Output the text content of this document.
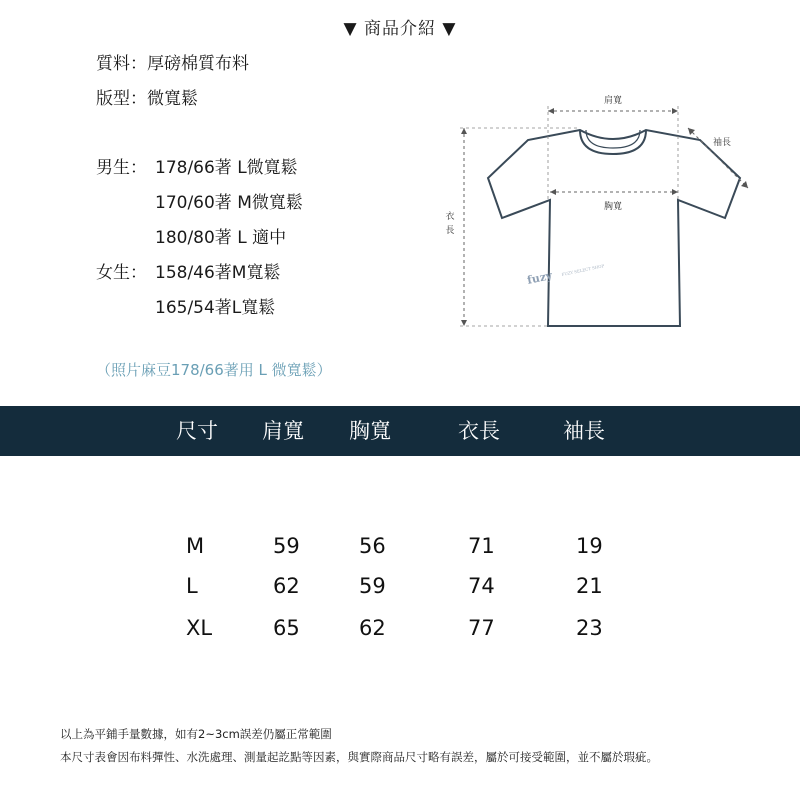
▼ 商品介紹 ▼
質料：厚磅棉質布料
版型：微寬鬆
男生： 178/66著 L微寬鬆
170/60著 M微寬鬆
180/80著 L 適中
女生： 158/46著M寬鬆
165/54著L寬鬆
（照片麻豆178/66著用 L 微寬鬆）
肩寬
胸寬
衣
長
袖長
fuzy FUZY SELECT SHOP
尺寸 肩寬 胸寬	衣長	袖長
M	59	56	71	19
L	62	59	74	21
XL	65	62	77	23
以上為平鋪手量數據，如有2~3cm誤差仍屬正常範圍
本尺寸表會因布料彈性、水洗處理、測量起訖點等因素，與實際商品尺寸略有誤差，屬於可接受範圍，並不屬於瑕疵。
